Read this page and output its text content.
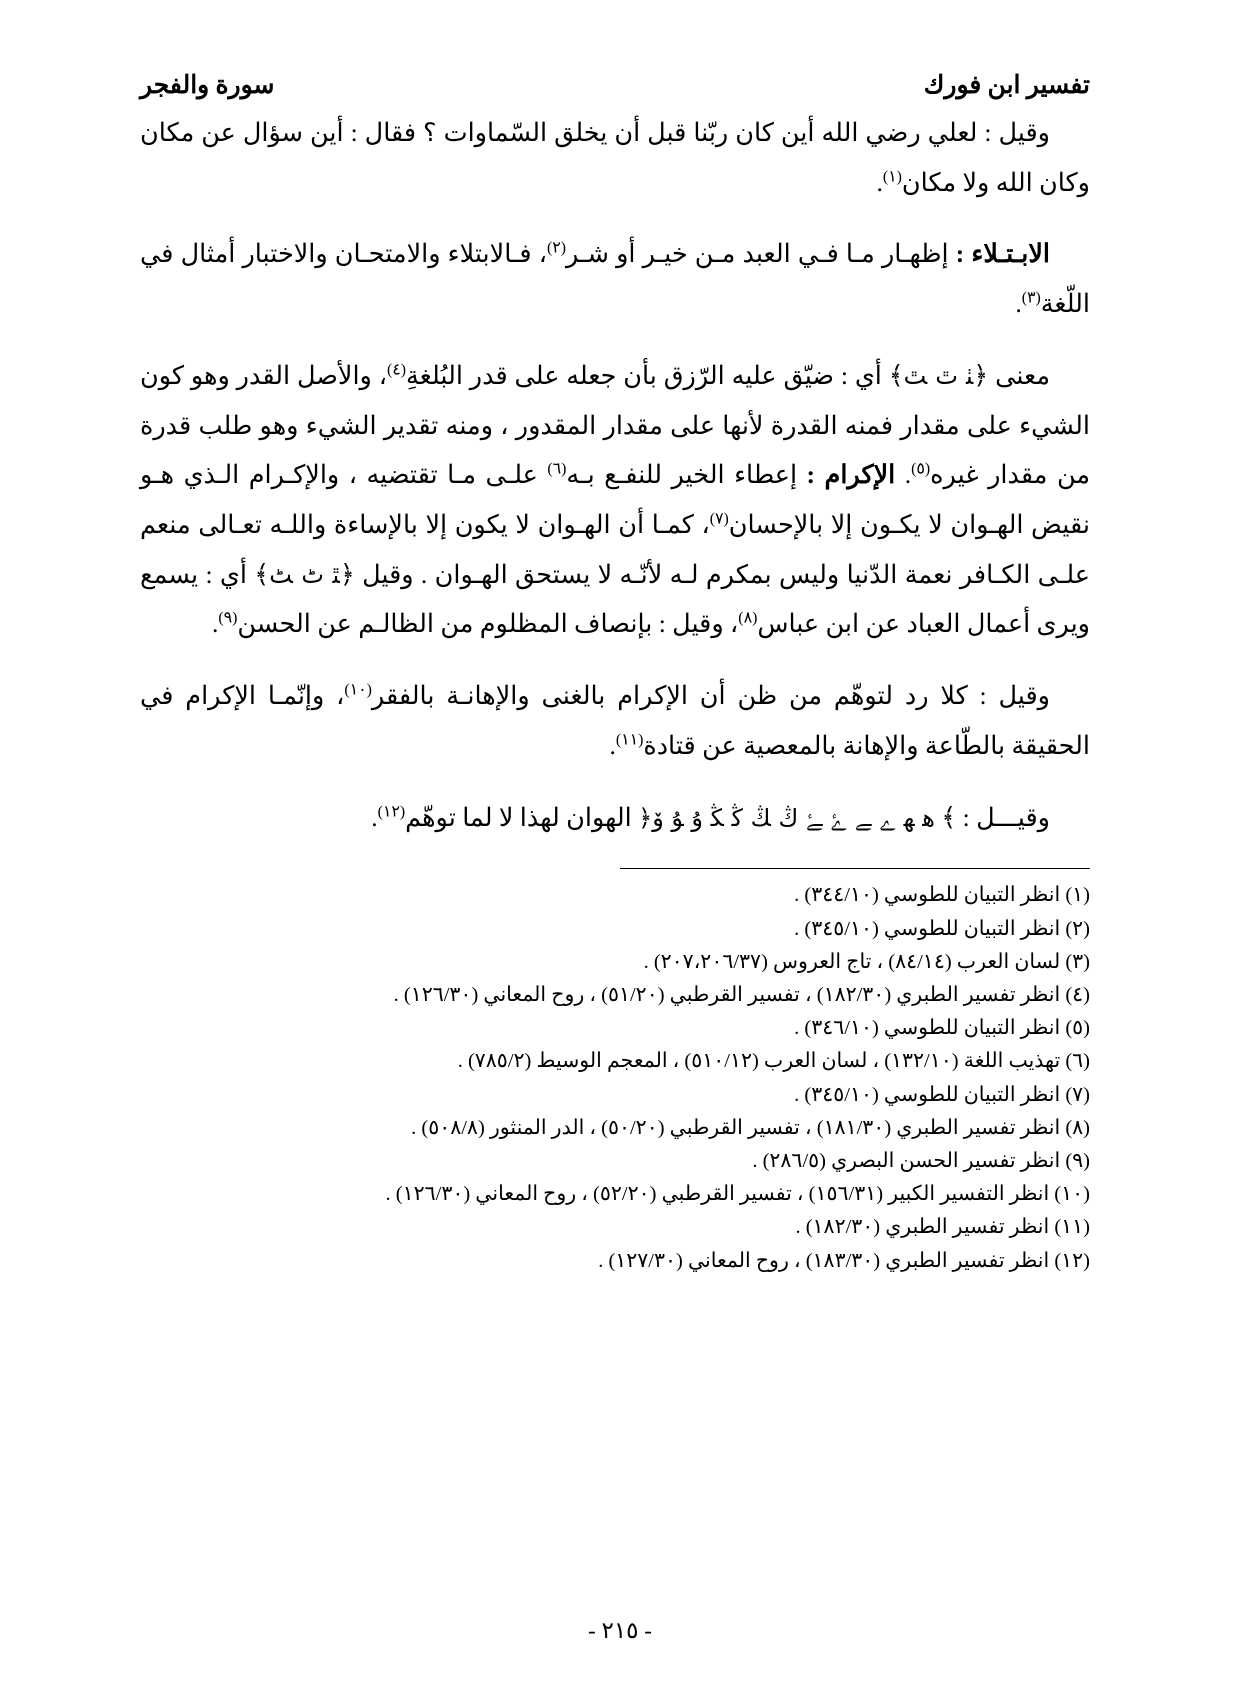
سورة والفجر	تفسير ابن فورك

وقيل : لعلي رضي الله أين كان ربّنا قبل أن يخلق السّماوات ؟ فقال : أين سؤال عن مكان وكان الله ولا مكان$^{(١)}$.

الابـتـلاء : إظهـار مـا فـي العبد مـن خيـر أو شـر$^{(٢)}$، فـالابتلاء والامتحـان والاختبار أمثال في اللّغة$^{(٣)}$.

معنى ﴿ﭡ ﭢ ﭣ﴾ أي : ضيّق عليه الرّزق بأن جعله على قدر البُلغةِ$^{(٤)}$، والأصل القدر وهو كون الشيء على مقدار فمنه القدرة لأنها على مقدار المقدور ، ومنه تقدير الشيء وهو طلب قدرة من مقدار غيره$^{(٥)}$. الإكرام : إعطاء الخير للنفـع بـه$^{(٦)}$ علـى مـا تقتضيه ، والإكـرام الـذي هـو نقيض الهـوان لا يكـون إلا بالإحسان$^{(٧)}$، كمـا أن الهـوان لا يكون إلا بالإساءة واللـه تعـالى منعم علـى الكـافر نعمة الدّنيا وليس بمكرم لـه لأنّـه لا يستحق الهـوان . وقيل ﴿ﭥ ﭦ ﭧ﴾ أي : يسمع ويرى أعمال العباد عن ابن عباس$^{(٨)}$، وقيل : بإنصاف المظلوم من الظالـم عن الحسن$^{(٩)}$.

وقيل : كلا رد لتوهّم من ظن أن الإكرام بالغنى والإهانـة بالفقر$^{(١٠)}$، وإنّمـا الإكرام في الحقيقة بالطّاعة والإهانة بالمعصية عن قتادة$^{(١١)}$.

وقيـــل : ﴾ ﮬ ﮭ ﮮ ﮯ ﮰ ﮱ ﯓ ﯔ ﯕ ﯖ ﯗ ﯘ ﯙ﴿ الهوان لهذا لا لما توهّم$^{(١٢)}$.

(١) انظر التبيان للطوسي (٣٤٤/١٠) .
(٢) انظر التبيان للطوسي (٣٤٥/١٠) .
(٣) لسان العرب (٨٤/١٤) ، تاج العروس (٢٠٧،٢٠٦/٣٧) .
(٤) انظر تفسير الطبري (١٨٢/٣٠) ، تفسير القرطبي (٥١/٢٠) ، روح المعاني (١٢٦/٣٠) .
(٥) انظر التبيان للطوسي (٣٤٦/١٠) .
(٦) تهذيب اللغة (١٣٢/١٠) ، لسان العرب (٥١٠/١٢) ، المعجم الوسيط (٧٨٥/٢) .
(٧) انظر التبيان للطوسي (٣٤٥/١٠) .
(٨) انظر تفسير الطبري (١٨١/٣٠) ، تفسير القرطبي (٥٠/٢٠) ، الدر المنثور (٥٠٨/٨) .
(٩) انظر تفسير الحسن البصري (٢٨٦/٥) .
(١٠) انظر التفسير الكبير (١٥٦/٣١) ، تفسير القرطبي (٥٢/٢٠) ، روح المعاني (١٢٦/٣٠) .
(١١) انظر تفسير الطبري (١٨٢/٣٠) .
(١٢) انظر تفسير الطبري (١٨٣/٣٠) ، روح المعاني (١٢٧/٣٠) .
- ٢١٥ -
